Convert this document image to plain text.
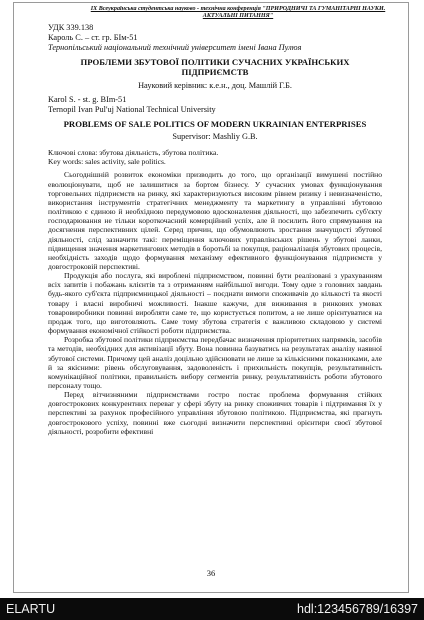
IX Всеукраїнська студентська науково - технічна конференція "ПРИРОДНИЧІ ТА ГУМАНІТАРНІ НАУКИ. АКТУАЛЬНІ ПИТАННЯ"
УДК 339.138
Кароль С. – ст. гр. БІм-51
Тернопільський національний технічний університет імені Івана Пулюя
ПРОБЛЕМИ ЗБУТОВОЇ ПОЛІТИКИ СУЧАСНИХ УКРАЇНСЬКИХ ПІДПРИЄМСТВ
Науковий керівник: к.е.н., доц. Машлій Г.Б.
Karol S. - st. g. BIm-51
Ternopil Ivan Pul'uj National Technical University
PROBLEMS OF SALE POLITICS OF MODERN UKRAINIAN ENTERPRISES
Supervisor: Mashliy G.B.
Ключові слова: збутова діяльність, збутова політика.
Key words: sales activity, sale politics.

Сьогоднішній розвиток економіки призводить до того, що організації вимушені постійно еволюціонувати, щоб не залишитися за бортом бізнесу. У сучасних умовах функціонування торговельних підприємств на ринку, які характеризуються високим рівнем ризику і невизначеністю, використання інструментів стратегічних менеджменту та маркетингу в управлінні збутовою політикою є єдиною й необхідною передумовою вдосконалення діяльності, що забезпечить суб'єкту господарювання не тільки короткочасний комерційний успіх, але й посилить його спрямування на досягнення перспективних цілей. Серед причин, що обумовлюють зростання значущості збутової діяльності, слід зазначити такі: переміщення ключових управлінських рішень у збутові ланки, підвищення значення маркетингових методів в боротьбі за покупця, раціоналізація збутових процесів, необхідність заходів щодо формування механізму ефективного функціонування підприємств у довгостроковій перспективі.

Продукція або послуга, які вироблені підприємством, повинні бути реалізовані з урахуванням всіх запитів і побажань клієнтів та з отриманням найбільшої вигоди. Тому одне з головних завдань будь-якого суб'єкта підприємницької діяльності – поєднати вимоги споживачів до кількості та якості товару і власні виробничі можливості. Інакше кажучи, для виживання в ринкових умовах товаровиробники повинні виробляти саме те, що користується попитом, а не лише орієнтуватися на продаж того, що виготовляють. Саме тому збутова стратегія є важливою складовою у системі формування економічної стійкості роботи підприємства.

Розробка збутової політики підприємства передбачає визначення пріоритетних напрямків, засобів та методів, необхідних для активізації збуту. Вона повинна базуватись на результатах аналізу наявної збутової системи. Причому цей аналіз доцільно здійснювати не лише за кількісними показниками, але й за якісними: рівень обслуговування, задоволеність і прихильність покупців, результативність комунікаційної політики, правильність вибору сегментів ринку, результативність роботи збутового персоналу тощо.

Перед вітчизняними підприємствами гостро постає проблема формування стійких довгострокових конкурентних переваг у сфері збуту на ринку споживчих товарів і підтримання їх у перспективі за рахунок професійного управління збутовою політикою. Підприємства, які прагнуть довгострокового успіху, повинні вже сьогодні визначити перспективні орієнтири своєї збутової діяльності, розробити ефективні

36
ELARTU	hdl:123456789/16397
